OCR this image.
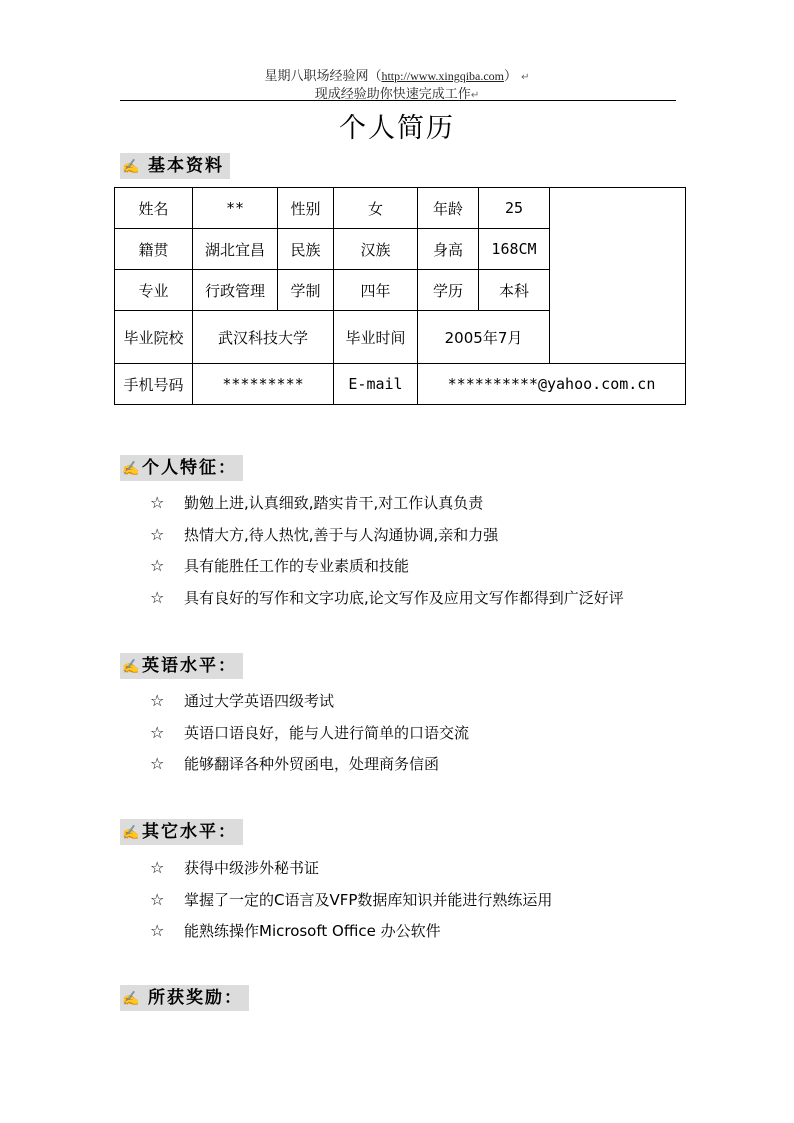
星期八职场经验网（http://www.xingqiba.com） ↵
现成经验助你快速完成工作↵
个人简历
✍ 基本资料
姓名	**	性别	女	年龄	25	
籍贯	湖北宜昌	民族	汉族	身高	168CM	
专业	行政管理	学制	四年	学历	本科	
毕业院校	武汉科技大学		毕业时间	2005年7月		
手机号码	*********		E-mail	**********@yahoo.com.cn		
✍ 个人特征：
☆ 勤勉上进,认真细致,踏实肯干,对工作认真负责
☆ 热情大方,待人热忱,善于与人沟通协调,亲和力强
☆ 具有能胜任工作的专业素质和技能
☆ 具有良好的写作和文字功底,论文写作及应用文写作都得到广泛好评
✍ 英语水平：
☆ 通过大学英语四级考试
☆ 英语口语良好，能与人进行简单的口语交流
☆ 能够翻译各种外贸函电，处理商务信函
✍ 其它水平：
☆ 获得中级涉外秘书证
☆ 掌握了一定的C语言及VFP数据库知识并能进行熟练运用
☆ 能熟练操作Microsoft Office 办公软件
✍ 所获奖励：
